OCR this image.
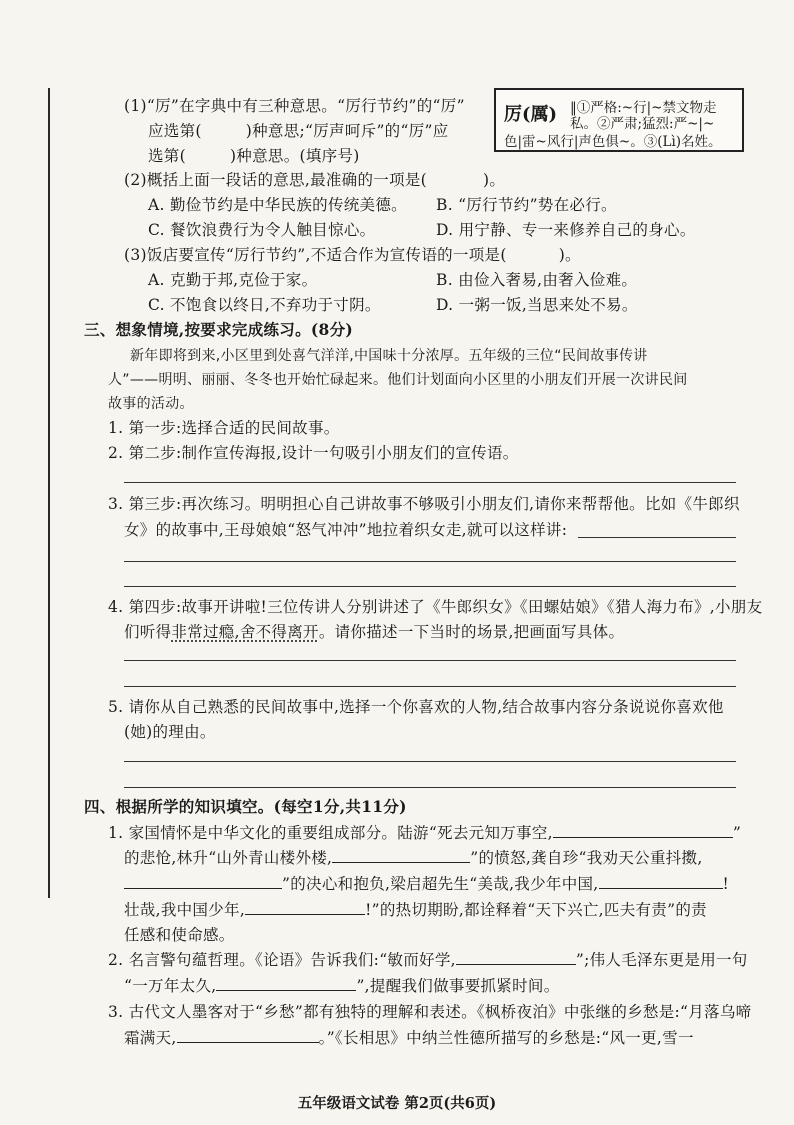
(1)“厉”在字典中有三种意思。“厉行节约”的“厉”
应选第(	)种意思;“厉声呵斥”的“厉”应
选第(	)种意思。(填序号)
厉(厲) ‖①严格:~行|~禁文物走
私。②严肃;猛烈:严~|~
色|雷~风行|声色俱~。③(Lì)名姓。
(2)概括上面一段话的意思,最准确的一项是(	)。
A. 勤俭节约是中华民族的传统美德。 B. “厉行节约”势在必行。
C. 餐饮浪费行为令人触目惊心。	D. 用宁静、专一来修养自己的身心。
(3)饭店要宣传“厉行节约”,不适合作为宣传语的一项是(	)。
A. 克勤于邦,克俭于家。	B. 由俭入奢易,由奢入俭难。
C. 不饱食以终日,不弃功于寸阴。	D. 一粥一饭,当思来处不易。
三、想象情境,按要求完成练习。(8分)
新年即将到来,小区里到处喜气洋洋,中国味十分浓厚。五年级的三位“民间故事传讲
人”——明明、丽丽、冬冬也开始忙碌起来。他们计划面向小区里的小朋友们开展一次讲民间
故事的活动。
1. 第一步:选择合适的民间故事。
2. 第二步:制作宣传海报,设计一句吸引小朋友们的宣传语。
3. 第三步:再次练习。明明担心自己讲故事不够吸引小朋友们,请你来帮帮他。比如《牛郎织
女》的故事中,王母娘娘“怒气冲冲”地拉着织女走,就可以这样讲:
4. 第四步:故事开讲啦!三位传讲人分别讲述了《牛郎织女》《田螺姑娘》《猎人海力布》,小朋友
们听得非常过瘾,舍不得离开。请你描述一下当时的场景,把画面写具体。
5. 请你从自己熟悉的民间故事中,选择一个你喜欢的人物,结合故事内容分条说说你喜欢他
(她)的理由。
四、根据所学的知识填空。(每空1分,共11分)
1. 家国情怀是中华文化的重要组成部分。陆游“死去元知万事空,	”
的悲怆,林升“山外青山楼外楼,	”的愤怒,龚自珍“我劝天公重抖擞,
”的决心和抱负,梁启超先生“美哉,我少年中国,	!
壮哉,我中国少年,	!”的热切期盼,都诠释着“天下兴亡,匹夫有责”的责
任感和使命感。
2. 名言警句蕴哲理。《论语》告诉我们:“敏而好学,	”;伟人毛泽东更是用一句
“一万年太久,	”,提醒我们做事要抓紧时间。
3. 古代文人墨客对于“乡愁”都有独特的理解和表述。《枫桥夜泊》中张继的乡愁是:“月落乌啼
霜满天,	。”《长相思》中纳兰性德所描写的乡愁是:“风一更,雪一
五年级语文试卷 第2页(共6页)
